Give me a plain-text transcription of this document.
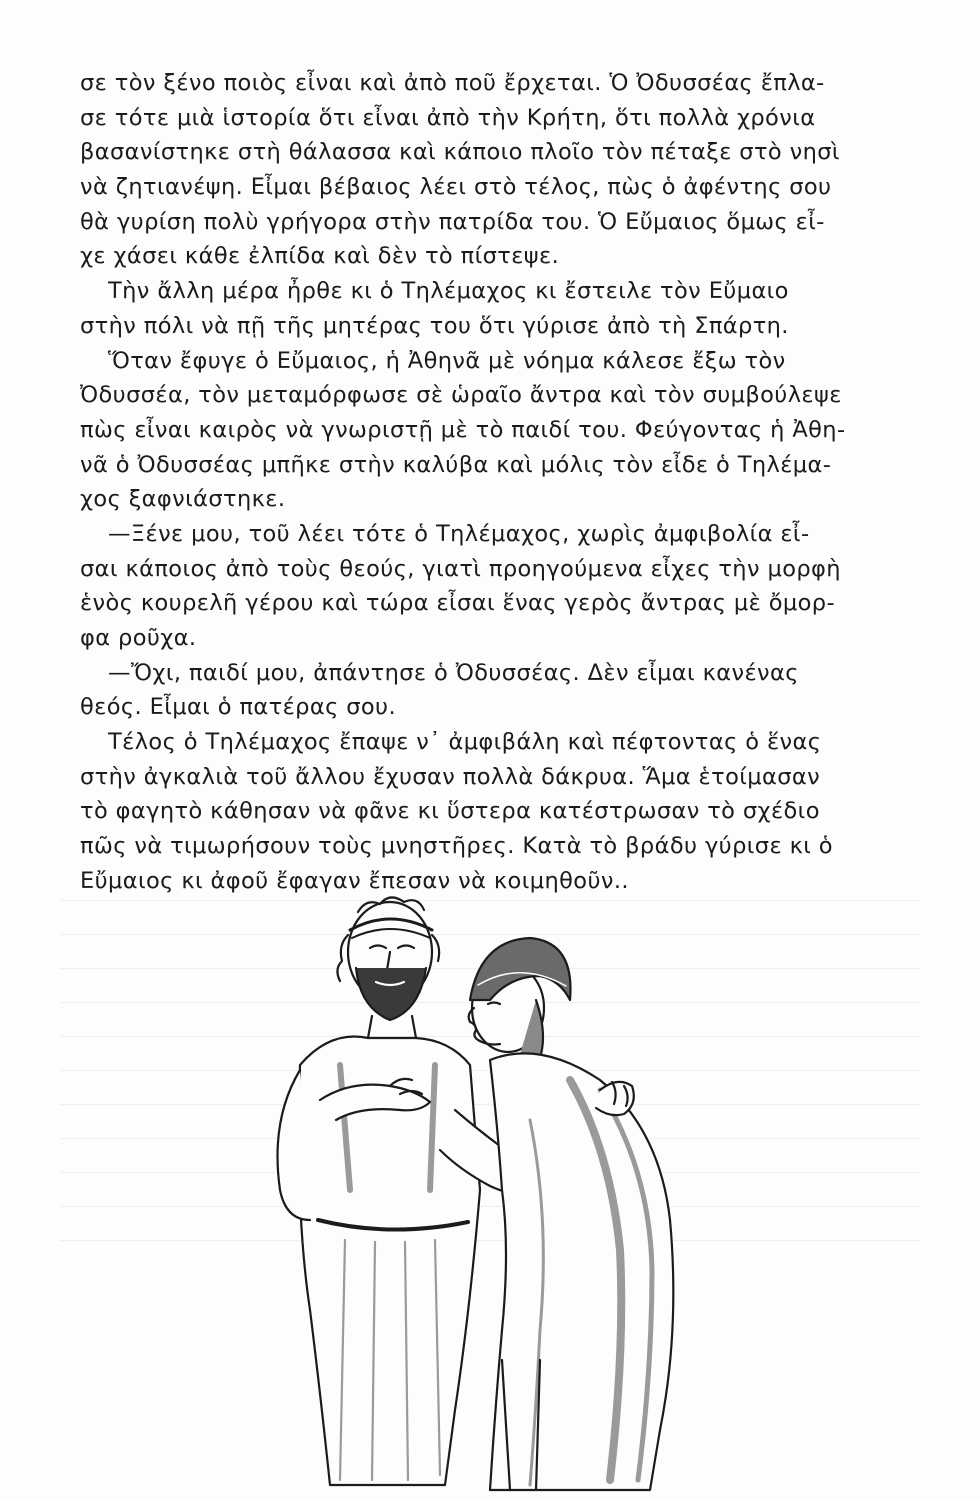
σε τὸν ξένο ποιὸς εἶναι καὶ ἀπὸ ποῦ ἔρχεται. Ὁ Ὀδυσσέας ἔπλα-
σε τότε μιὰ ἱστορία ὅτι εἶναι ἀπὸ τὴν Κρήτη, ὅτι πολλὰ χρόνια
βασανίστηκε στὴ θάλασσα καὶ κάποιο πλοῖο τὸν πέταξε στὸ νησὶ
νὰ ζητιανέψη. Εἶμαι βέβαιος λέει στὸ τέλος, πὼς ὁ ἀφέντης σου
θὰ γυρίση πολὺ γρήγορα στὴν πατρίδα του. Ὁ Εὔμαιος ὅμως εἶ-
χε χάσει κάθε ἐλπίδα καὶ δὲν τὸ πίστεψε.
Τὴν ἄλλη μέρα ἦρθε κι ὁ Τηλέμαχος κι ἔστειλε τὸν Εὔμαιο
στὴν πόλι νὰ πῇ τῆς μητέρας του ὅτι γύρισε ἀπὸ τὴ Σπάρτη.
Ὅταν ἔφυγε ὁ Εὔμαιος, ἡ Ἀθηνᾶ μὲ νόημα κάλεσε ἔξω τὸν
Ὀδυσσέα, τὸν μεταμόρφωσε σὲ ὡραῖο ἄντρα καὶ τὸν συμβούλεψε
πὼς εἶναι καιρὸς νὰ γνωριστῇ μὲ τὸ παιδί του. Φεύγοντας ἡ Ἀθη-
νᾶ ὁ Ὀδυσσέας μπῆκε στὴν καλύβα καὶ μόλις τὸν εἶδε ὁ Τηλέμα-
χος ξαφνιάστηκε.
—Ξένε μου, τοῦ λέει τότε ὁ Τηλέμαχος, χωρὶς ἀμφιβολία εἶ-
σαι κάποιος ἀπὸ τοὺς θεούς, γιατὶ προηγούμενα εἶχες τὴν μορφὴ
ἑνὸς κουρελῆ γέρου καὶ τώρα εἶσαι ἕνας γερὸς ἄντρας μὲ ὄμορ-
φα ροῦχα.
—Ὄχι, παιδί μου, ἀπάντησε ὁ Ὀδυσσέας. Δὲν εἶμαι κανένας
θεός. Εἶμαι ὁ πατέρας σου.
Τέλος ὁ Τηλέμαχος ἔπαψε ν᾽ ἀμφιβάλη καὶ πέφτοντας ὁ ἕνας
στὴν ἀγκαλιὰ τοῦ ἄλλου ἔχυσαν πολλὰ δάκρυα. Ἅμα ἑτοίμασαν
τὸ φαγητὸ κάθησαν νὰ φᾶνε κι ὕστερα κατέστρωσαν τὸ σχέδιο
πῶς νὰ τιμωρήσουν τοὺς μνηστῆρες. Κατὰ τὸ βράδυ γύρισε κι ὁ
Εὔμαιος κι ἀφοῦ ἔφαγαν ἔπεσαν νὰ κοιμηθοῦν..
